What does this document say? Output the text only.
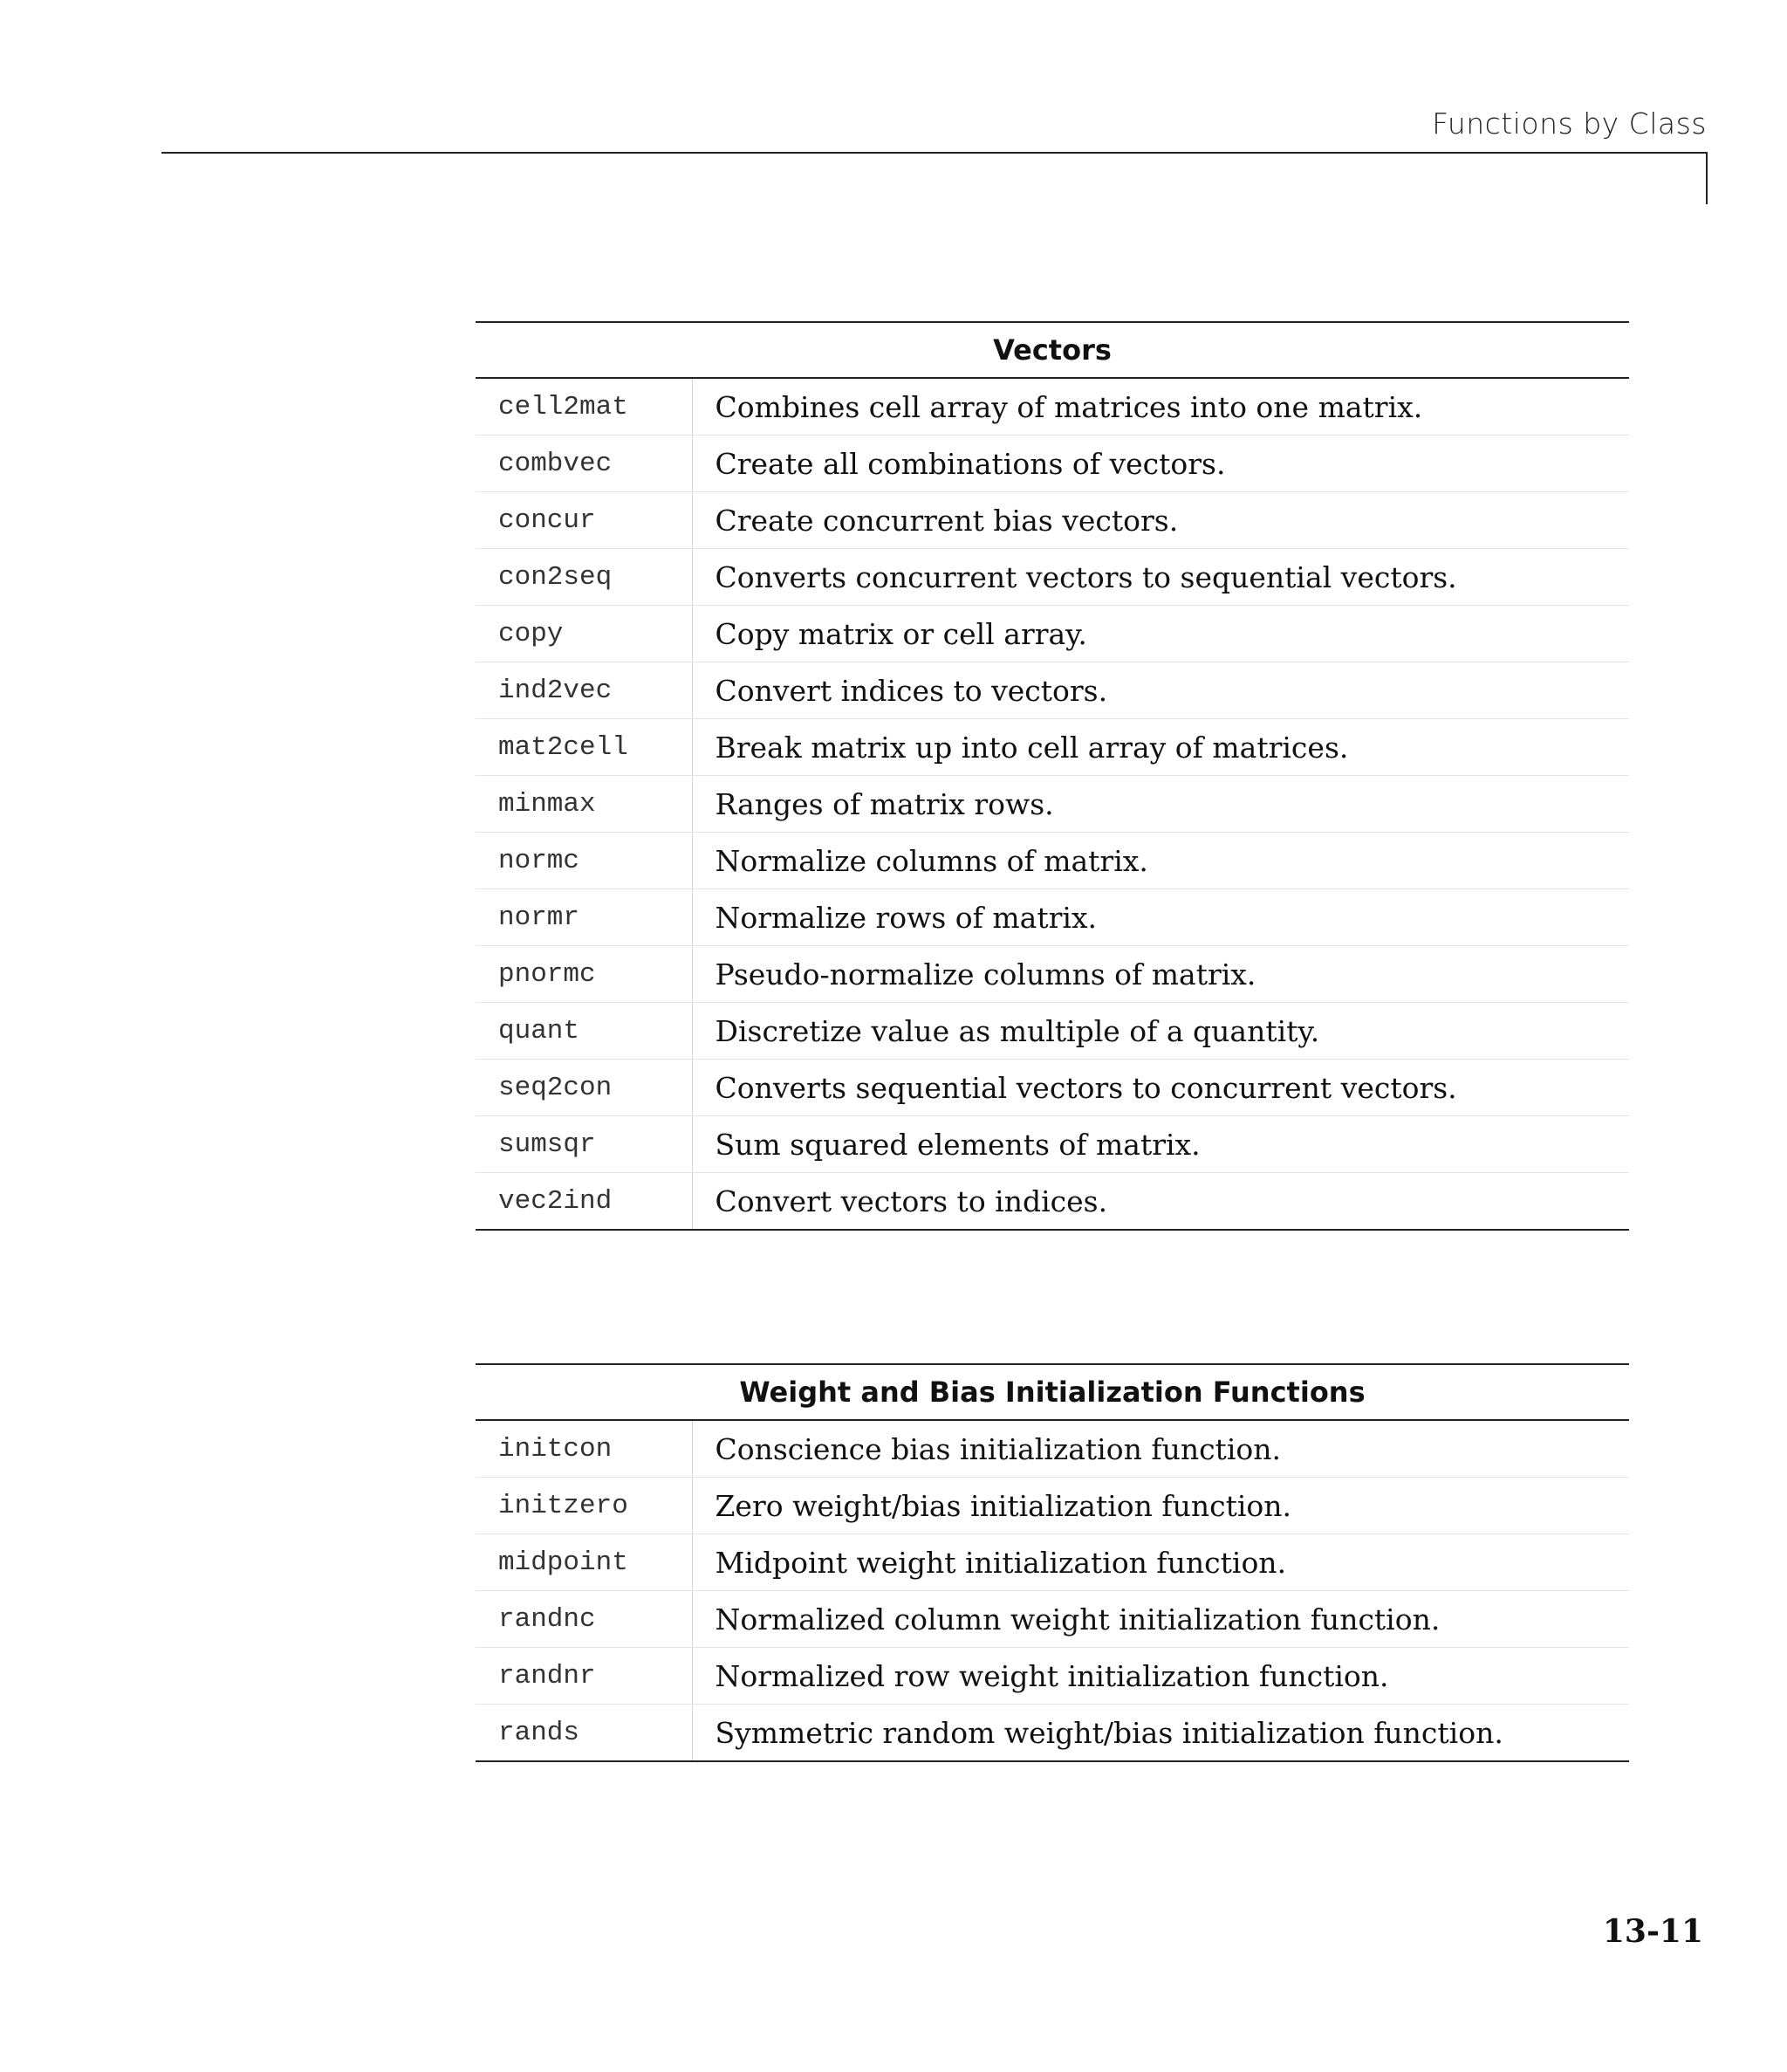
Functions by Class
Vectors	
cell2mat	Combines cell array of matrices into one matrix.
combvec	Create all combinations of vectors.
concur	Create concurrent bias vectors.
con2seq	Converts concurrent vectors to sequential vectors.
copy	Copy matrix or cell array.
ind2vec	Convert indices to vectors.
mat2cell	Break matrix up into cell array of matrices.
minmax	Ranges of matrix rows.
normc	Normalize columns of matrix.
normr	Normalize rows of matrix.
pnormc	Pseudo-normalize columns of matrix.
quant	Discretize value as multiple of a quantity.
seq2con	Converts sequential vectors to concurrent vectors.
sumsqr	Sum squared elements of matrix.
vec2ind	Convert vectors to indices.
Weight and Bias Initialization Functions	
initcon	Conscience bias initialization function.
initzero	Zero weight/bias initialization function.
midpoint	Midpoint weight initialization function.
randnc	Normalized column weight initialization function.
randnr	Normalized row weight initialization function.
rands	Symmetric random weight/bias initialization function.
13-11
